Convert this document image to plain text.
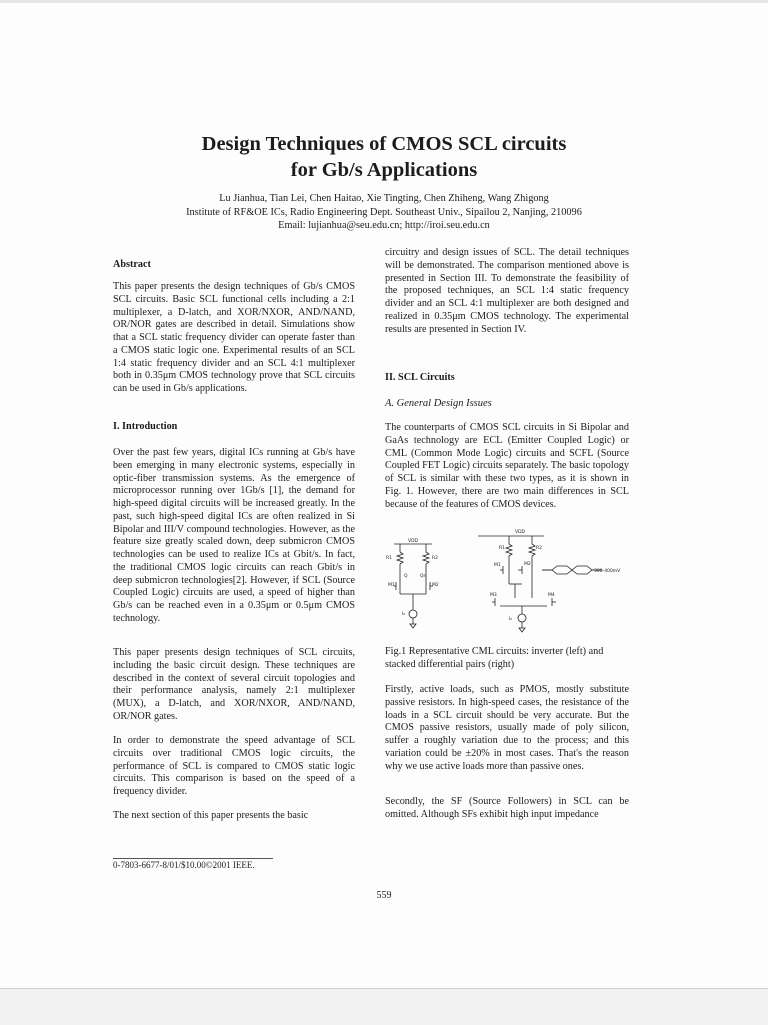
Design Techniques of CMOS SCL circuits
for Gb/s Applications
Lu Jianhua, Tian Lei, Chen Haitao, Xie Tingting, Chen Zhiheng, Wang Zhigong
Institute of RF&OE ICs, Radio Engineering Dept. Southeast Univ., Sipailou 2, Nanjing, 210096
Email: lujianhua@seu.edu.cn; http://iroi.seu.edu.cn
Abstract

This paper presents the design techniques of Gb/s CMOS SCL circuits. Basic SCL functional cells including a 2:1 multiplexer, a D-latch, and XOR/NXOR, AND/NAND, OR/NOR gates are described in detail. Simulations show that a SCL static frequency divider can operate faster than a CMOS static logic one. Experimental results of an SCL 1:4 static frequency divider and an SCL 4:1 multiplexer both in 0.35μm CMOS technology prove that SCL circuits can be used in Gb/s applications.

I. Introduction

Over the past few years, digital ICs running at Gb/s have been emerging in many electronic systems, especially in optic-fiber transmission systems. As the emergence of microprocessor running over 1Gb/s [1], the demand for high-speed digital circuits will be increased greatly. In the past, such high-speed digital ICs are often realized in Si Bipolar and III/V compound technologies. However, as the feature size greatly scaled down, deep submicron CMOS technologies can be used to realize ICs at Gbit/s. In fact, the traditional CMOS logic circuits can reach Gbit/s in deep submicron technologies[2]. However, if SCL (Source Coupled Logic) circuits are used, a speed of higher than Gb/s can be reached even in a 0.35μm or 0.5μm CMOS technology.

This paper presents design techniques of SCL circuits, including the basic circuit design. These techniques are described in the context of several circuit topologies and their performance analysis, namely 2:1 multiplexer (MUX), a D-latch, and XOR/NXOR, AND/NAND, OR/NOR gates.

In order to demonstrate the speed advantage of SCL circuits over traditional CMOS logic circuits, the performance of SCL is compared to CMOS static logic circuits. This comparison is based on the speed of a frequency divider.

The next section of this paper presents the basic

circuitry and design issues of SCL. The detail techniques will be demonstrated. The comparison mentioned above is presented in Section III. To demonstrate the feasibility of the proposed techniques, an SCL 1:4 static frequency divider and an SCL 4:1 multiplexer are both designed and realized in 0.35μm CMOS technology. The experimental results are presented in Section IV.

II. SCL Circuits
A. General Design Issues

The counterparts of CMOS SCL circuits in Si Bipolar and GaAs technology are ECL (Emitter Coupled Logic) or CML (Common Mode Logic) circuits and SCFL (Source Coupled FET Logic) circuits separately. The basic topology of SCL is similar with these two types, as it is shown in Fig. 1. However, there are two main differences in SCL because of the features of CMOS devices.

VDD
R1	R2
Q	Qn
M1	M2
I₀
VDD
R1	R2
M1	M2
M3	M4
I₀
300-400mV

Fig.1 Representative CML circuits: inverter (left) and stacked differential pairs (right)

Firstly, active loads, such as PMOS, mostly substitute passive resistors. In high-speed cases, the resistance of the loads in a SCL circuit should be very accurate. But the CMOS passive resistors, usually made of poly silicon, suffer a roughly variation due to the process; and this variation could be ±20% in most cases. That's the reason why we use active loads more than passive ones.

Secondly, the SF (Source Followers) in SCL can be omitted. Although SFs exhibit high input impedance

0-7803-6677-8/01/$10.00©2001 IEEE.
559
